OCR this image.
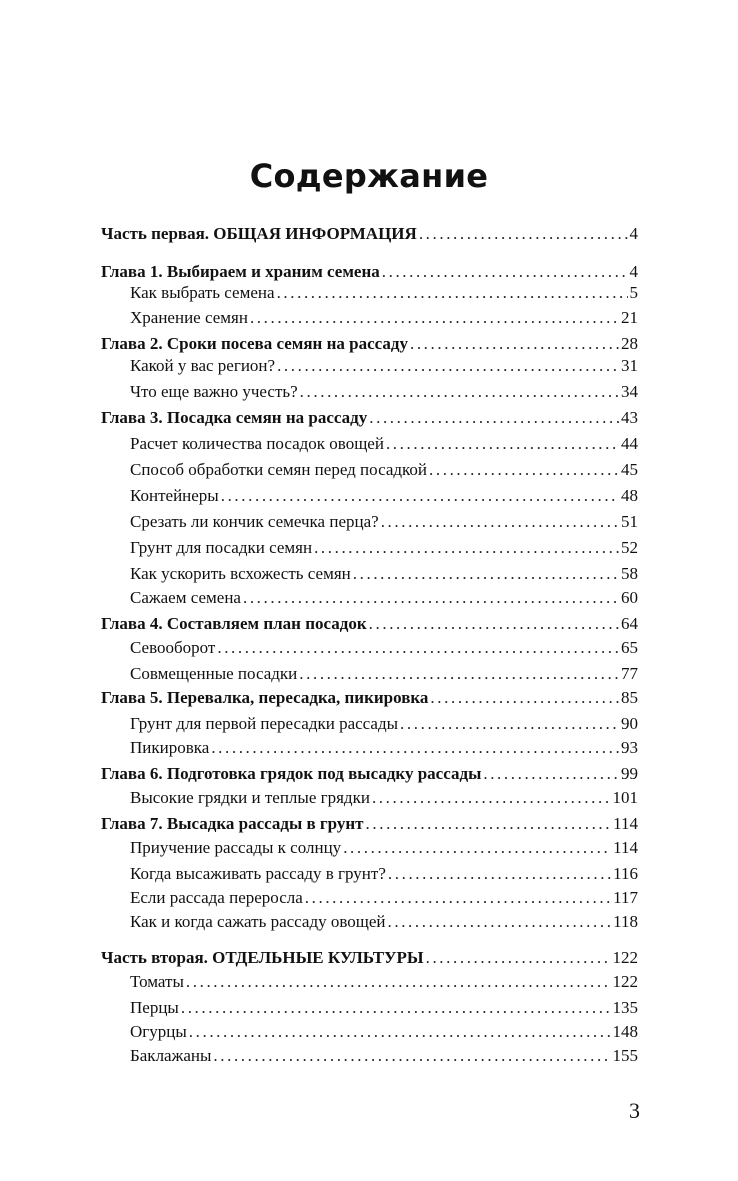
Содержание
Часть первая. ОБЩАЯ ИНФОРМАЦИЯ .....	4
Глава 1. Выбираем и храним семена .....	4
Как выбрать семена .....	5
Хранение семян .....	21
Глава 2. Сроки посева семян на рассаду .....	28
Какой у вас регион? .....	31
Что еще важно учесть? .....	34
Глава 3. Посадка семян на рассаду .....	43
Расчет количества посадок овощей .....	44
Способ обработки семян перед посадкой .....	45
Контейнеры .....	48
Срезать ли кончик семечка перца? .....	51
Грунт для посадки семян .....	52
Как ускорить всхожесть семян .....	58
Сажаем семена .....	60
Глава 4. Составляем план посадок .....	64
Севооборот .....	65
Совмещенные посадки .....	77
Глава 5. Перевалка, пересадка, пикировка .....	85
Грунт для первой пересадки рассады .....	90
Пикировка .....	93
Глава 6. Подготовка грядок под высадку рассады .....	99
Высокие грядки и теплые грядки .....	101
Глава 7. Высадка рассады в грунт .....	114
Приучение рассады к солнцу .....	114
Когда высаживать рассаду в грунт? .....	116
Если рассада переросла .....	117
Как и когда сажать рассаду овощей .....	118
Часть вторая. ОТДЕЛЬНЫЕ КУЛЬТУРЫ .....	122
Томаты .....	122
Перцы .....	135
Огурцы .....	148
Баклажаны .....	155
3
